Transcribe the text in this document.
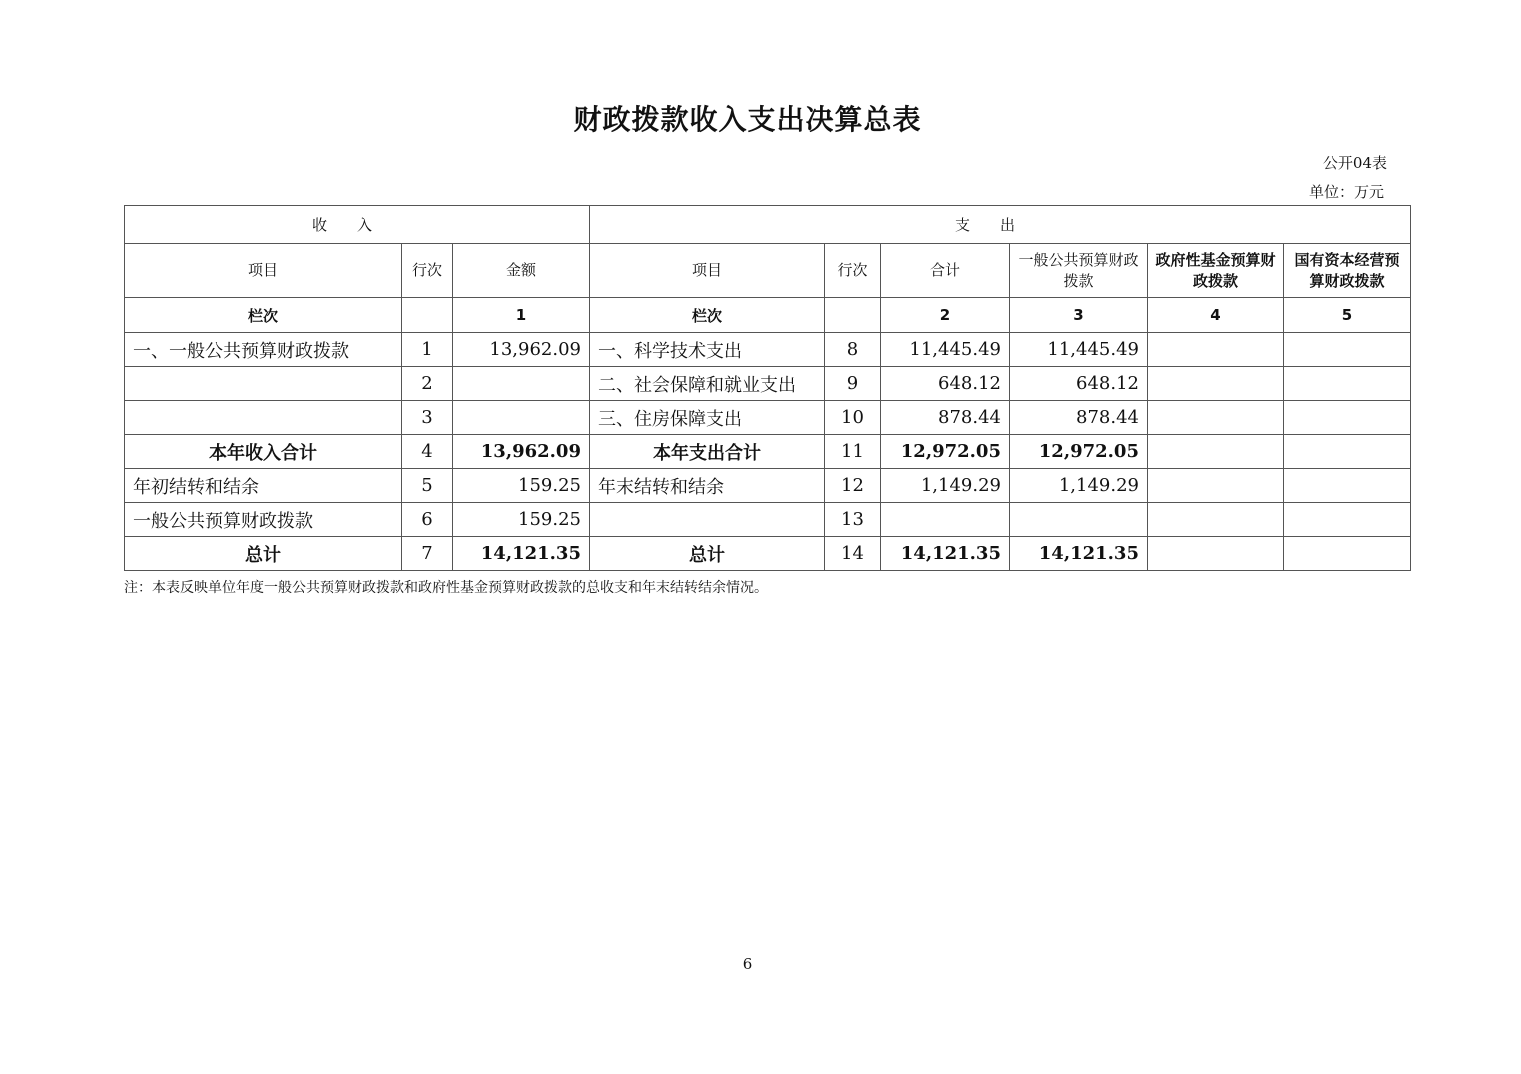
财政拨款收入支出决算总表
公开04表
单位：万元
收入			支出					
项目	行次	金额	项目	行次	合计	一般公共预算财政拨款	政府性基金预算财政拨款	国有资本经营预算财政拨款
栏次		1	栏次		2	3	4	5
一、一般公共预算财政拨款	1	13,962.09	一、科学技术支出	8	11,445.49	11,445.49		
	2		二、社会保障和就业支出	9	648.12	648.12		
	3		三、住房保障支出	10	878.44	878.44		
本年收入合计	4	13,962.09	本年支出合计	11	12,972.05	12,972.05		
年初结转和结余	5	159.25	年末结转和结余	12	1,149.29	1,149.29		
一般公共预算财政拨款	6	159.25		13				
总计	7	14,121.35	总计	14	14,121.35	14,121.35		
注：本表反映单位年度一般公共预算财政拨款和政府性基金预算财政拨款的总收支和年末结转结余情况。
6
